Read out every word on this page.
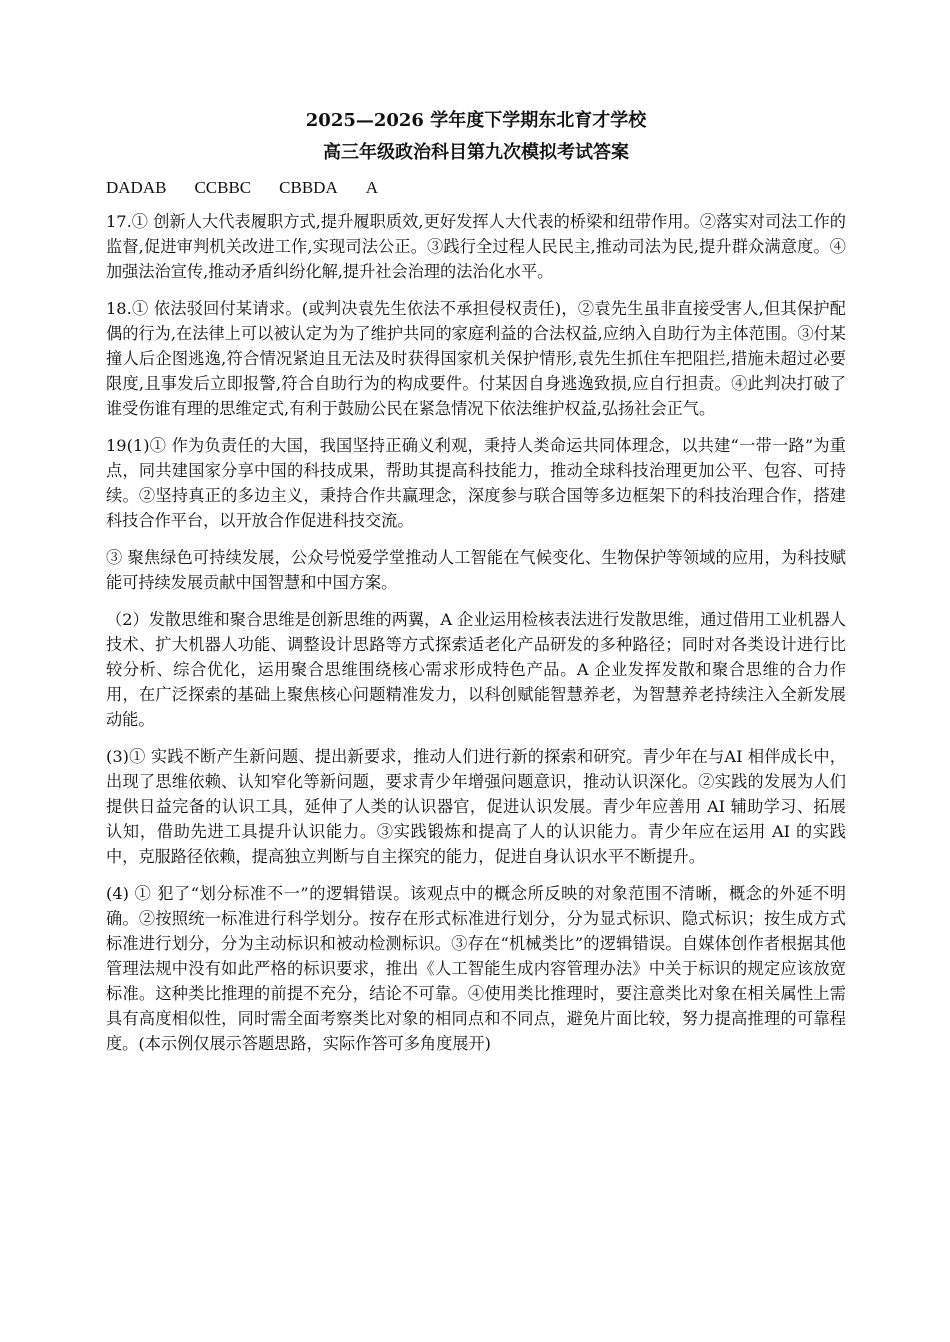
2025—2026 学年度下学期东北育才学校

高三年级政治科目第九次模拟考试答案

DADAB CCBBC CBBDA A

17.① 创新人大代表履职方式,提升履职质效,更好发挥人大代表的桥梁和纽带作用。②落实对司法工作的监督,促进审判机关改进工作,实现司法公正。③践行全过程人民民主,推动司法为民,提升群众满意度。④加强法治宣传,推动矛盾纠纷化解,提升社会治理的法治化水平。

18.① 依法驳回付某请求。(或判决袁先生依法不承担侵权责任)，②袁先生虽非直接受害人,但其保护配偶的行为,在法律上可以被认定为为了维护共同的家庭利益的合法权益,应纳入自助行为主体范围。③付某撞人后企图逃逸,符合情况紧迫且无法及时获得国家机关保护情形,袁先生抓住车把阻拦,措施未超过必要限度,且事发后立即报警,符合自助行为的构成要件。付某因自身逃逸致损,应自行担责。④此判决打破了谁受伤谁有理的思维定式,有利于鼓励公民在紧急情况下依法维护权益,弘扬社会正气。

19(1)① 作为负责任的大国，我国坚持正确义利观，秉持人类命运共同体理念，以共建“一带一路”为重点，同共建国家分享中国的科技成果，帮助其提高科技能力，推动全球科技治理更加公平、包容、可持续。②坚持真正的多边主义，秉持合作共赢理念，深度参与联合国等多边框架下的科技治理合作，搭建科技合作平台，以开放合作促进科技交流。

③ 聚焦绿色可持续发展，公众号悦爱学堂推动人工智能在气候变化、生物保护等领域的应用，为科技赋能可持续发展贡献中国智慧和中国方案。

（2）发散思维和聚合思维是创新思维的两翼，A 企业运用检核表法进行发散思维，通过借用工业机器人技术、扩大机器人功能、调整设计思路等方式探索适老化产品研发的多种路径；同时对各类设计进行比较分析、综合优化，运用聚合思维围绕核心需求形成特色产品。A 企业发挥发散和聚合思维的合力作用，在广泛探索的基础上聚焦核心问题精准发力，以科创赋能智慧养老，为智慧养老持续注入全新发展动能。

(3)① 实践不断产生新问题、提出新要求，推动人们进行新的探索和研究。青少年在与AI 相伴成长中，出现了思维依赖、认知窄化等新问题，要求青少年增强问题意识，推动认识深化。②实践的发展为人们提供日益完备的认识工具，延伸了人类的认识器官，促进认识发展。青少年应善用 AI 辅助学习、拓展认知，借助先进工具提升认识能力。③实践锻炼和提高了人的认识能力。青少年应在运用 AI 的实践中，克服路径依赖，提高独立判断与自主探究的能力，促进自身认识水平不断提升。

(4) ① 犯了“划分标准不一”的逻辑错误。该观点中的概念所反映的对象范围不清晰，概念的外延不明确。②按照统一标准进行科学划分。按存在形式标准进行划分，分为显式标识、隐式标识；按生成方式标准进行划分，分为主动标识和被动检测标识。③存在“机械类比”的逻辑错误。自媒体创作者根据其他管理法规中没有如此严格的标识要求，推出《人工智能生成内容管理办法》中关于标识的规定应该放宽标准。这种类比推理的前提不充分，结论不可靠。④使用类比推理时，要注意类比对象在相关属性上需具有高度相似性，同时需全面考察类比对象的相同点和不同点，避免片面比较，努力提高推理的可靠程度。(本示例仅展示答题思路，实际作答可多角度展开)
